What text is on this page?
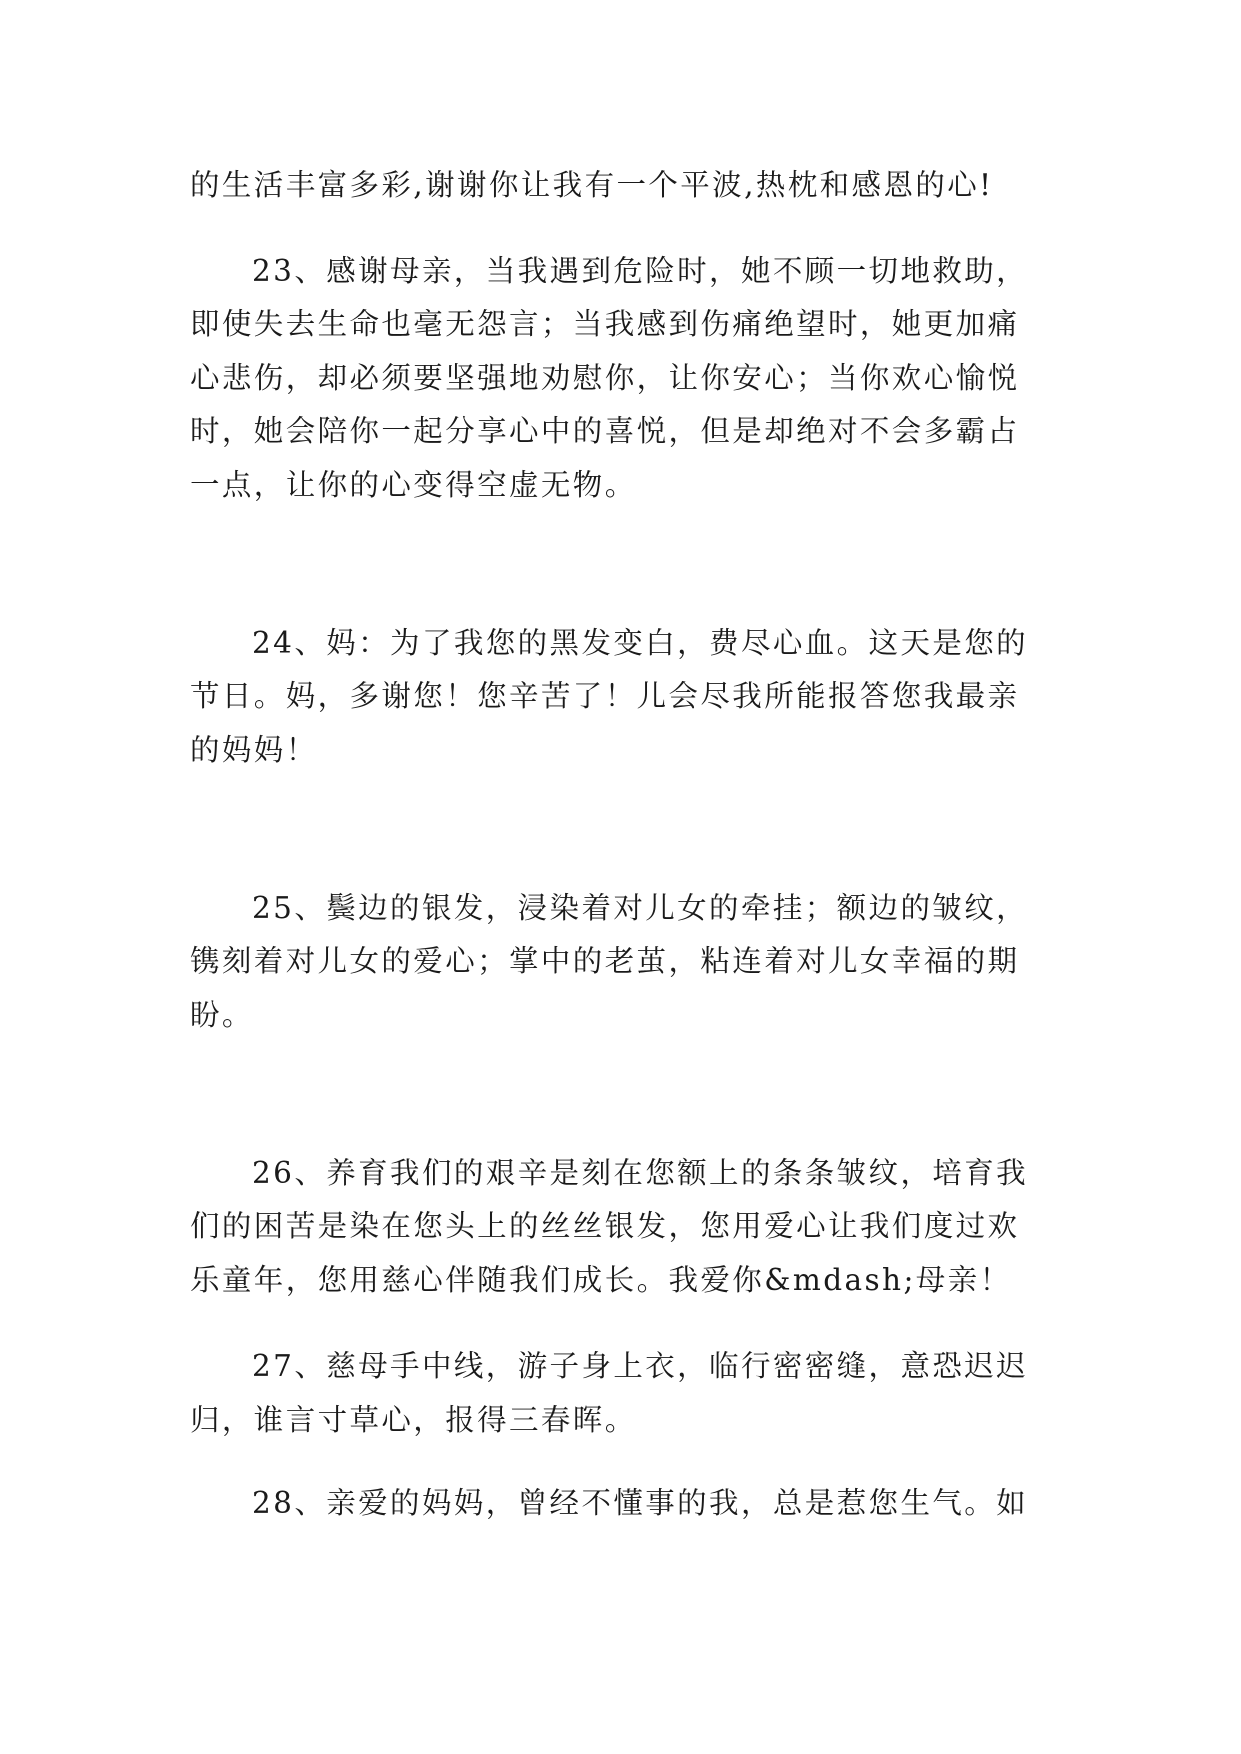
的生活丰富多彩,谢谢你让我有一个平波,热枕和感恩的心!

23、感谢母亲，当我遇到危险时，她不顾一切地救助，

即使失去生命也毫无怨言；当我感到伤痛绝望时，她更加痛

心悲伤，却必须要坚强地劝慰你，让你安心；当你欢心愉悦

时，她会陪你一起分享心中的喜悦，但是却绝对不会多霸占

一点，让你的心变得空虚无物。

24、妈：为了我您的黑发变白，费尽心血。这天是您的

节日。妈，多谢您！您辛苦了！儿会尽我所能报答您我最亲

的妈妈！

25、鬓边的银发，浸染着对儿女的牵挂；额边的皱纹，

镌刻着对儿女的爱心；掌中的老茧，粘连着对儿女幸福的期

盼。

26、养育我们的艰辛是刻在您额上的条条皱纹，培育我

们的困苦是染在您头上的丝丝银发，您用爱心让我们度过欢

乐童年，您用慈心伴随我们成长。我爱你&mdash;母亲！

27、慈母手中线，游子身上衣，临行密密缝，意恐迟迟

归，谁言寸草心，报得三春晖。

28、亲爱的妈妈，曾经不懂事的我，总是惹您生气。如
